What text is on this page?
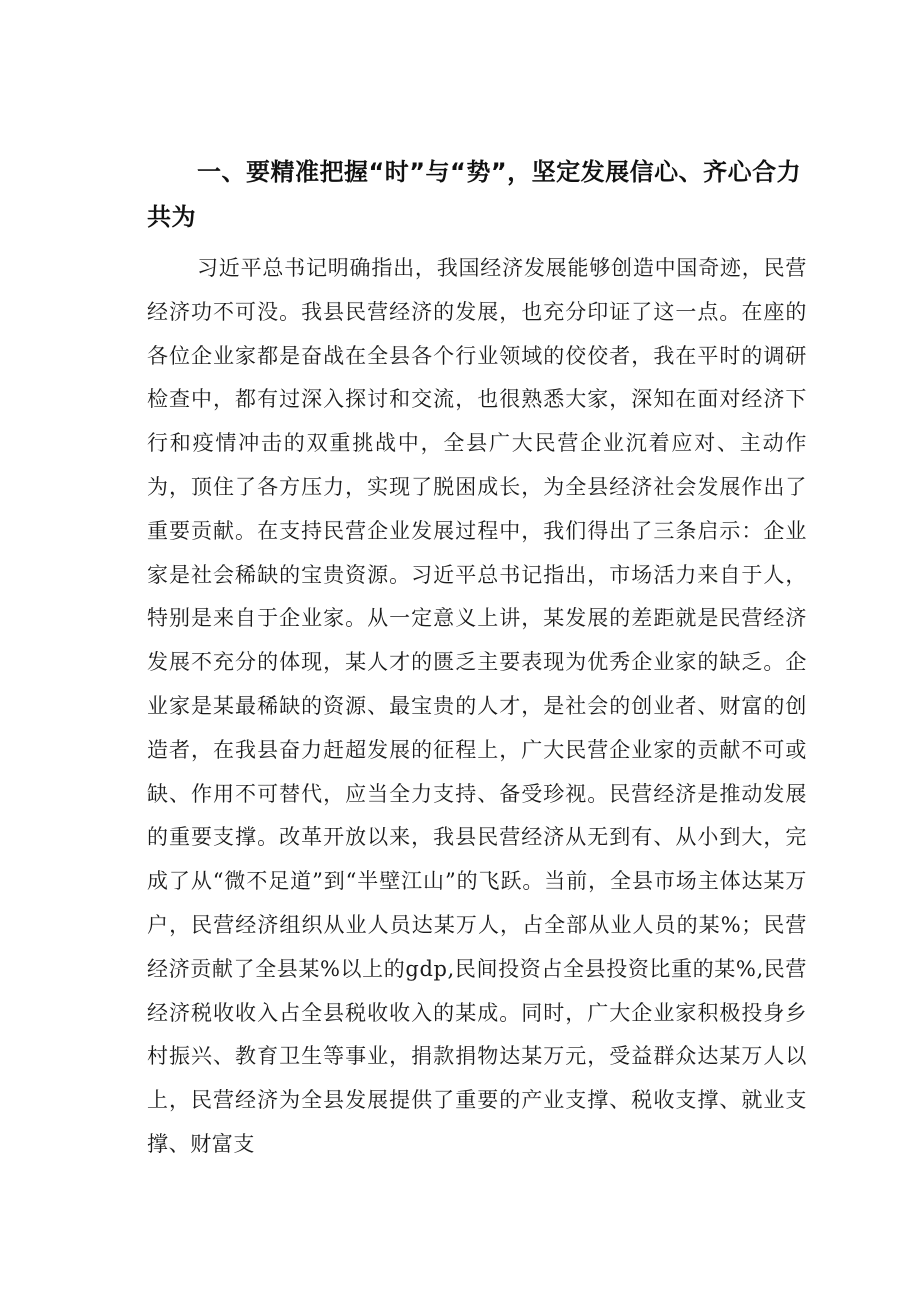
一、要精准把握“时”与“势”，坚定发展信心、齐心合力共为

习近平总书记明确指出，我国经济发展能够创造中国奇迹，民营经济功不可没。我县民营经济的发展，也充分印证了这一点。在座的各位企业家都是奋战在全县各个行业领域的佼佼者，我在平时的调研检查中，都有过深入探讨和交流，也很熟悉大家，深知在面对经济下行和疫情冲击的双重挑战中，全县广大民营企业沉着应对、主动作为，顶住了各方压力，实现了脱困成长，为全县经济社会发展作出了重要贡献。在支持民营企业发展过程中，我们得出了三条启示：企业家是社会稀缺的宝贵资源。习近平总书记指出，市场活力来自于人，特别是来自于企业家。从一定意义上讲，某发展的差距就是民营经济发展不充分的体现，某人才的匮乏主要表现为优秀企业家的缺乏。企业家是某最稀缺的资源、最宝贵的人才，是社会的创业者、财富的创造者，在我县奋力赶超发展的征程上，广大民营企业家的贡献不可或缺、作用不可替代，应当全力支持、备受珍视。民营经济是推动发展的重要支撑。改革开放以来，我县民营经济从无到有、从小到大，完成了从“微不足道”到“半壁江山”的飞跃。当前，全县市场主体达某万户，民营经济组织从业人员达某万人，占全部从业人员的某%；民营经济贡献了全县某%以上的gdp,民间投资占全县投资比重的某%,民营经济税收收入占全县税收收入的某成。同时，广大企业家积极投身乡村振兴、教育卫生等事业，捐款捐物达某万元，受益群众达某万人以上，民营经济为全县发展提供了重要的产业支撑、税收支撑、就业支撑、财富支
